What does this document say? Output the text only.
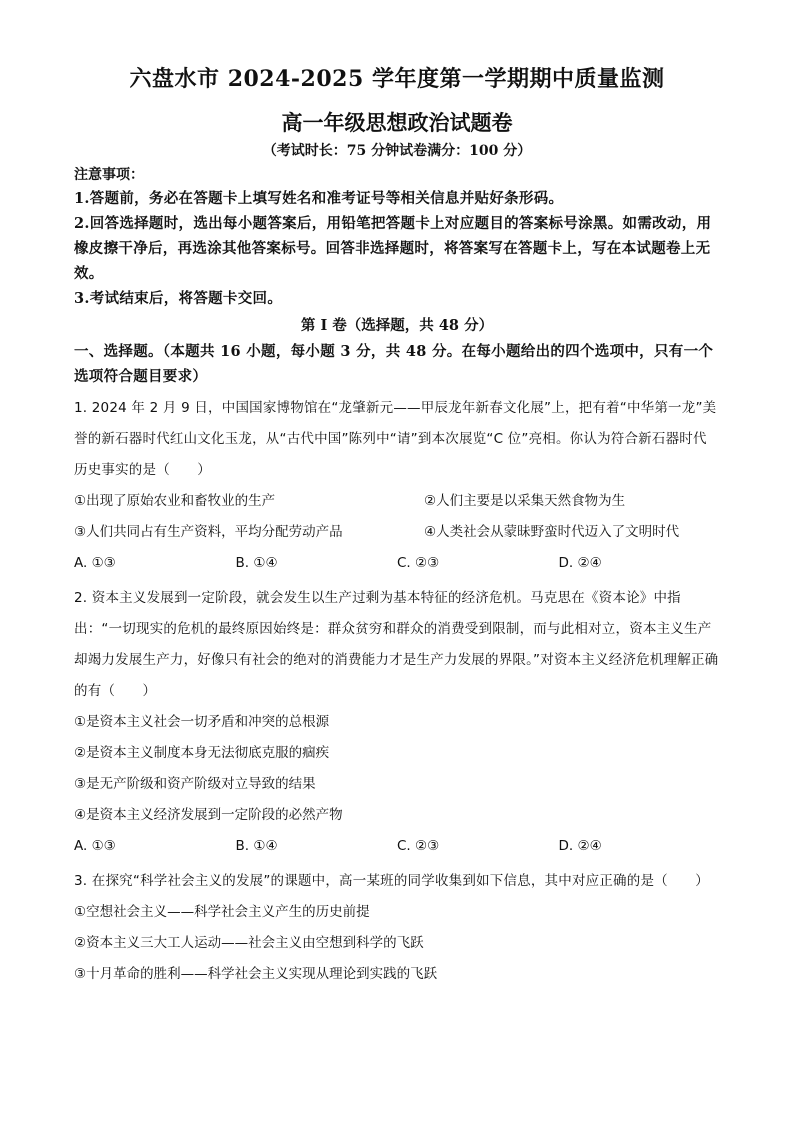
六盘水市 2024-2025 学年度第一学期期中质量监测
高一年级思想政治试题卷
（考试时长：75 分钟试卷满分：100 分）
注意事项：
1.答题前，务必在答题卡上填写姓名和准考证号等相关信息并贴好条形码。
2.回答选择题时，选出每小题答案后，用铅笔把答题卡上对应题目的答案标号涂黑。如需改动，用橡皮擦干净后，再选涂其他答案标号。回答非选择题时，将答案写在答题卡上，写在本试题卷上无效。
3.考试结束后，将答题卡交回。
第 I 卷（选择题，共 48 分）
一、选择题。（本题共 16 小题，每小题 3 分，共 48 分。在每小题给出的四个选项中，只有一个选项符合题目要求）
1. 2024 年 2 月 9 日，中国国家博物馆在“龙肇新元——甲辰龙年新春文化展”上，把有着“中华第一龙”美誉的新石器时代红山文化玉龙，从“古代中国”陈列中“请”到本次展览“C 位”亮相。你认为符合新石器时代历史事实的是（　　）
①出现了原始农业和畜牧业的生产	②人们主要是以采集天然食物为生
③人们共同占有生产资料，平均分配劳动产品	④人类社会从蒙昧野蛮时代迈入了文明时代
A. ①③	B. ①④	C. ②③	D. ②④
2. 资本主义发展到一定阶段，就会发生以生产过剩为基本特征的经济危机。马克思在《资本论》中指出：“一切现实的危机的最终原因始终是：群众贫穷和群众的消费受到限制，而与此相对立，资本主义生产却竭力发展生产力，好像只有社会的绝对的消费能力才是生产力发展的界限。”对资本主义经济危机理解正确的有（　　）
①是资本主义社会一切矛盾和冲突的总根源
②是资本主义制度本身无法彻底克服的痼疾
③是无产阶级和资产阶级对立导致的结果
④是资本主义经济发展到一定阶段的必然产物
A. ①③	B. ①④	C. ②③	D. ②④
3. 在探究“科学社会主义的发展”的课题中，高一某班的同学收集到如下信息，其中对应正确的是（　　）
①空想社会主义——科学社会主义产生的历史前提
②资本主义三大工人运动——社会主义由空想到科学的飞跃
③十月革命的胜利——科学社会主义实现从理论到实践的飞跃
